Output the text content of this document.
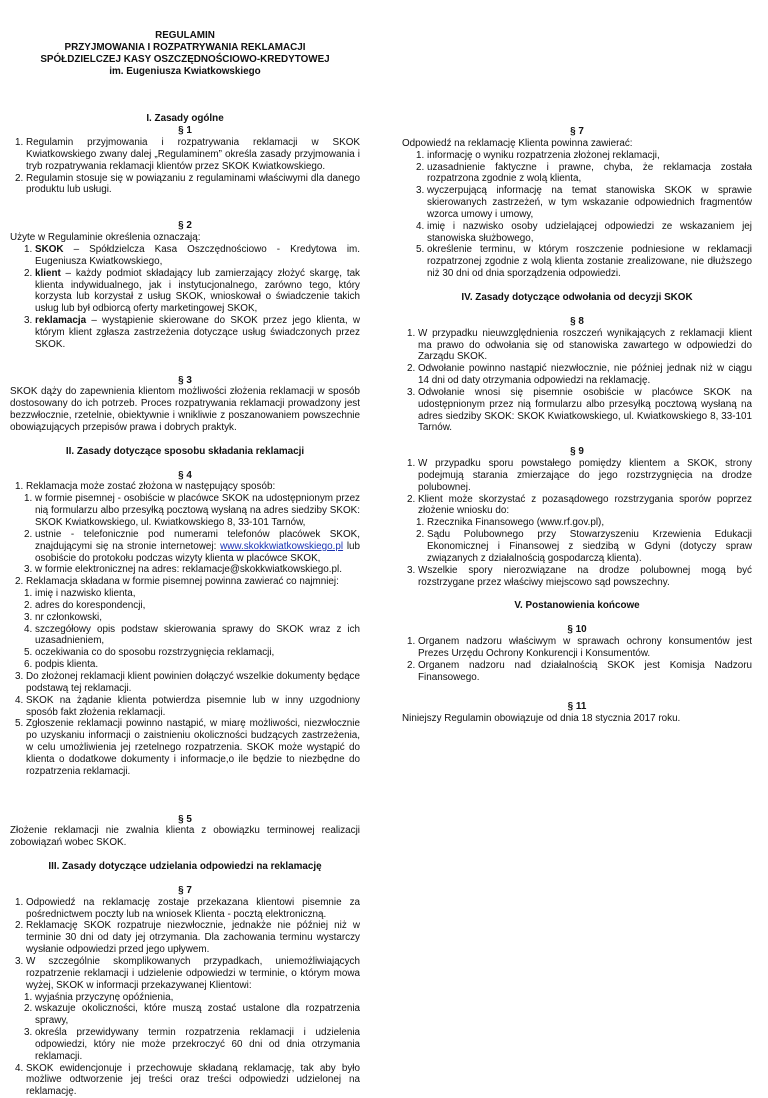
REGULAMIN
PRZYJMOWANIA I ROZPATRYWANIA REKLAMACJI
SPÓŁDZIELCZEJ KASY OSZCZĘDNOŚCIOWO-KREDYTOWEJ
im. Eugeniusza Kwiatkowskiego
I. Zasady ogólne
§ 1
1. Regulamin przyjmowania i rozpatrywania reklamacji w SKOK Kwiatkowskiego zwany dalej „Regulaminem” określa zasady przyjmowania i tryb rozpatrywania reklamacji klientów przez SKOK Kwiatkowskiego.
2. Regulamin stosuje się w powiązaniu z regulaminami właściwymi dla danego produktu lub usługi.
§ 2

Użyte w Regulaminie określenia oznaczają:

1. SKOK – Spółdzielcza Kasa Oszczędnościowo - Kredytowa im. Eugeniusza Kwiatkowskiego,
2. klient – każdy podmiot składający lub zamierzający złożyć skargę, tak klienta indywidualnego, jak i instytucjonalnego, zarówno tego, który korzysta lub korzystał z usług SKOK, wnioskował o świadczenie takich usług lub był odbiorcą oferty marketingowej SKOK,
3. reklamacja – wystąpienie skierowane do SKOK przez jego klienta, w którym klient zgłasza zastrzeżenia dotyczące usług świadczonych przez SKOK.
§ 3

SKOK dąży do zapewnienia klientom możliwości złożenia reklamacji w sposób dostosowany do ich potrzeb. Proces rozpatrywania reklamacji prowadzony jest bezzwłocznie, rzetelnie, obiektywnie i wnikliwie z poszanowaniem powszechnie obowiązujących przepisów prawa i dobrych praktyk.

II. Zasady dotyczące sposobu składania reklamacji
§ 4
1. Reklamacja może zostać złożona w następujący sposób:
1. w formie pisemnej - osobiście w placówce SKOK na udostępnionym przez nią formularzu albo przesyłką pocztową wysłaną na adres siedziby SKOK: SKOK Kwiatkowskiego, ul. Kwiatkowskiego 8, 33-101 Tarnów,
2. ustnie - telefonicznie pod numerami telefonów placówek SKOK, znajdującymi się na stronie internetowej: www.skokkwiatkowskiego.pl lub osobiście do protokołu podczas wizyty klienta w placówce SKOK,
3. w formie elektronicznej na adres: reklamacje@skokkwiatkowskiego.pl.
2. Reklamacja składana w formie pisemnej powinna zawierać co najmniej:
1. imię i nazwisko klienta,
2. adres do korespondencji,
3. nr członkowski,
4. szczegółowy opis podstaw skierowania sprawy do SKOK wraz z ich uzasadnieniem,
5. oczekiwania co do sposobu rozstrzygnięcia reklamacji,
6. podpis klienta.
3. Do złożonej reklamacji klient powinien dołączyć wszelkie dokumenty będące podstawą tej reklamacji.
4. SKOK na żądanie klienta potwierdza pisemnie lub w inny uzgodniony sposób fakt złożenia reklamacji.
5. Zgłoszenie reklamacji powinno nastąpić, w miarę możliwości, niezwłocznie po uzyskaniu informacji o zaistnieniu okoliczności budzących zastrzeżenia, w celu umożliwienia jej rzetelnego rozpatrzenia. SKOK może wystąpić do klienta o dodatkowe dokumenty i informacje,o ile będzie to niezbędne do rozpatrzenia reklamacji.
§ 5

Złożenie reklamacji nie zwalnia klienta z obowiązku terminowej realizacji zobowiązań wobec SKOK.

III. Zasady dotyczące udzielania odpowiedzi na reklamację
§ 7
1. Odpowiedź na reklamację zostaje przekazana klientowi pisemnie za pośrednictwem poczty lub na wniosek Klienta - pocztą elektroniczną.
2. Reklamację SKOK rozpatruje niezwłocznie, jednakże nie później niż w terminie 30 dni od daty jej otrzymania. Dla zachowania terminu wystarczy wysłanie odpowiedzi przed jego upływem.
3. W szczególnie skomplikowanych przypadkach, uniemożliwiających rozpatrzenie reklamacji i udzielenie odpowiedzi w terminie, o którym mowa wyżej, SKOK w informacji przekazywanej Klientowi:
1. wyjaśnia przyczynę opóźnienia,
2. wskazuje okoliczności, które muszą zostać ustalone dla rozpatrzenia sprawy,
3. określa przewidywany termin rozpatrzenia reklamacji i udzielenia odpowiedzi, który nie może przekroczyć 60 dni od dnia otrzymania reklamacji.
4. SKOK ewidencjonuje i przechowuje składaną reklamację, tak aby było możliwe odtworzenie jej treści oraz treści odpowiedzi udzielonej na reklamację.
§ 7

Odpowiedź na reklamację Klienta powinna zawierać:

1. informację o wyniku rozpatrzenia złożonej reklamacji,
2. uzasadnienie faktyczne i prawne, chyba, że reklamacja została rozpatrzona zgodnie z wolą klienta,
3. wyczerpującą informację na temat stanowiska SKOK w sprawie skierowanych zastrzeżeń, w tym wskazanie odpowiednich fragmentów wzorca umowy i umowy,
4. imię i nazwisko osoby udzielającej odpowiedzi ze wskazaniem jej stanowiska służbowego,
5. określenie terminu, w którym roszczenie podniesione w reklamacji rozpatrzonej zgodnie z wolą klienta zostanie zrealizowane, nie dłuższego niż 30 dni od dnia sporządzenia odpowiedzi.
IV. Zasady dotyczące odwołania od decyzji SKOK
§ 8
1. W przypadku nieuwzględnienia roszczeń wynikających z reklamacji klient ma prawo do odwołania się od stanowiska zawartego w odpowiedzi do Zarządu SKOK.
2. Odwołanie powinno nastąpić niezwłocznie, nie później jednak niż w ciągu 14 dni od daty otrzymania odpowiedzi na reklamację.
3. Odwołanie wnosi się pisemnie osobiście w placówce SKOK na udostępnionym przez nią formularzu albo przesyłką pocztową wysłaną na adres siedziby SKOK: SKOK Kwiatkowskiego, ul. Kwiatkowskiego 8, 33-101 Tarnów.
§ 9
1. W przypadku sporu powstałego pomiędzy klientem a SKOK, strony podejmują starania zmierzające do jego rozstrzygnięcia na drodze polubownej.
2. Klient może skorzystać z pozasądowego rozstrzygania sporów poprzez złożenie wniosku do:
1. Rzecznika Finansowego (www.rf.gov.pl),
2. Sądu Polubownego przy Stowarzyszeniu Krzewienia Edukacji Ekonomicznej i Finansowej z siedzibą w Gdyni (dotyczy spraw związanych z działalnością gospodarczą klienta).
3. Wszelkie spory nierozwiązane na drodze polubownej mogą być rozstrzygane przez właściwy miejscowo sąd powszechny.
V. Postanowienia końcowe
§ 10
1. Organem nadzoru właściwym w sprawach ochrony konsumentów jest Prezes Urzędu Ochrony Konkurencji i Konsumentów.
2. Organem nadzoru nad działalnością SKOK jest Komisja Nadzoru Finansowego.
§ 11

Niniejszy Regulamin obowiązuje od dnia 18 stycznia 2017 roku.
